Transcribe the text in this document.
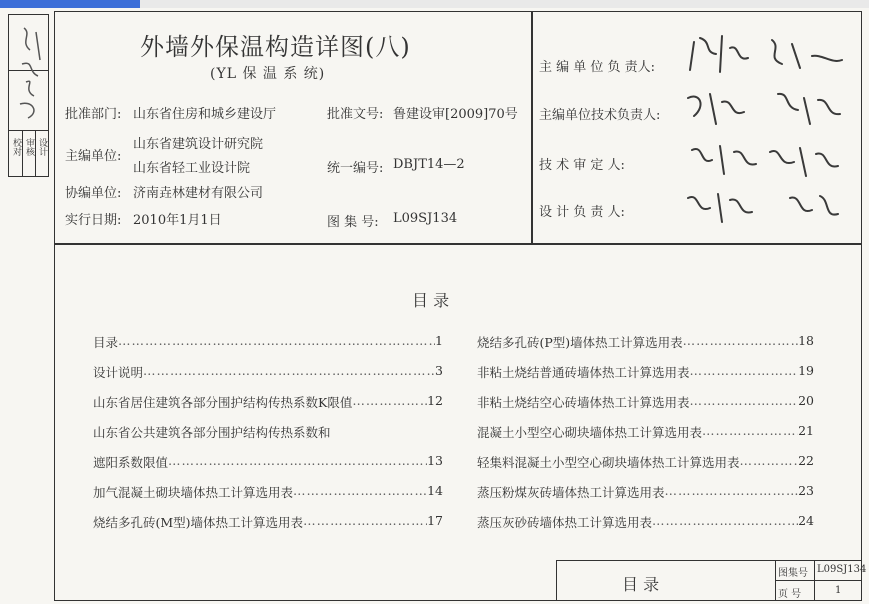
校对 审核 设计
外墙外保温构造详图(八)
(YL 保 温 系 统)
批准部门: 山东省住房和城乡建设厅	批准文号: 鲁建设审[2009]70号
主编单位:
山东省建筑设计研究院
山东省轻工业设计院	统一编号: DBJT14—2
协编单位: 济南垚林建材有限公司
实行日期: 2010年1月1日	图 集 号: L09SJ134
主 编 单 位 负 责人:
主编单位技术负责人:
技 术 审 定 人:
设 计 负 责 人:
目 录
目录 ……………………………………………………………………………………………………………………………………………………………………	1
设计说明 ……………………………………………………………………………………………………………………………………………………………………	3
山东省居住建筑各部分围护结构传热系数K限值 ……………………………………………………………………………………………………………………………………………………………………	12
山东省公共建筑各部分围护结构传热系数和
遮阳系数限值 ……………………………………………………………………………………………………………………………………………………………………	13
加气混凝土砌块墙体热工计算选用表 ……………………………………………………………………………………………………………………………………………………………………	14
烧结多孔砖(M型)墙体热工计算选用表 ……………………………………………………………………………………………………………………………………………………………………	17
烧结多孔砖(P型)墙体热工计算选用表 ……………………………………………………………………………………………………………………………………………………………………	18
非粘土烧结普通砖墙体热工计算选用表 ……………………………………………………………………………………………………………………………………………………………………	19
非粘土烧结空心砖墙体热工计算选用表 ……………………………………………………………………………………………………………………………………………………………………	20
混凝土小型空心砌块墙体热工计算选用表 ……………………………………………………………………………………………………………………………………………………………………	21
轻集料混凝土小型空心砌块墙体热工计算选用表 ……………………………………………………………………………………………………………………………………………………………………	22
蒸压粉煤灰砖墙体热工计算选用表 ……………………………………………………………………………………………………………………………………………………………………	23
蒸压灰砂砖墙体热工计算选用表 ……………………………………………………………………………………………………………………………………………………………………	24
目 录
图集号 L09SJ134
页 号	1
